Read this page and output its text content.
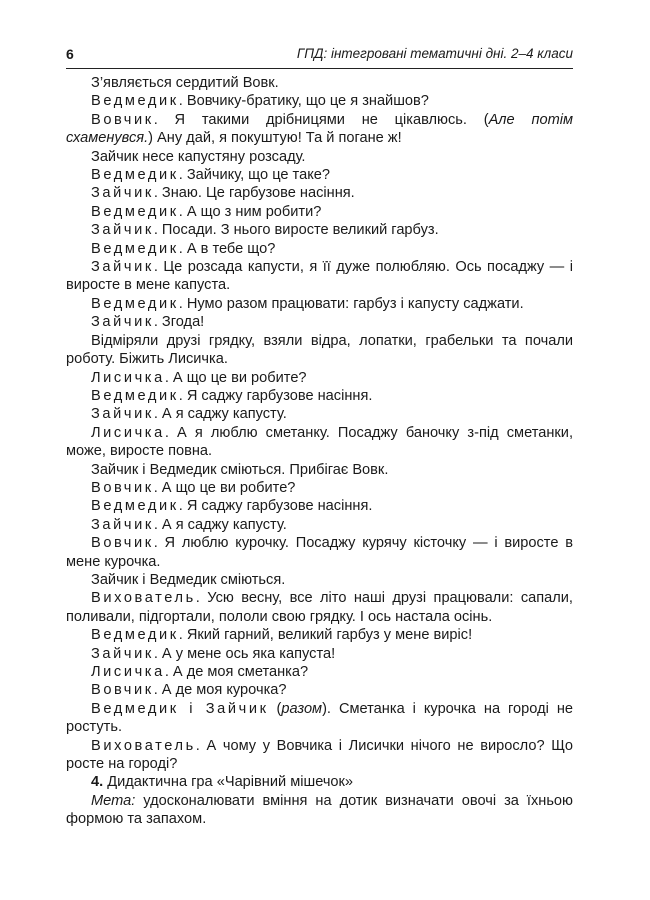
6	ГПД: інтегровані тематичні дні. 2–4 класи

З’являється сердитий Вовк.

Ведмедик. Вовчику-братику, що це я знайшов?

Вовчик. Я такими дрібницями не цікавлюсь. (Але потім схаменувся.) Ану дай, я покуштую! Та й погане ж!

Зайчик несе капустяну розсаду.

Ведмедик. Зайчику, що це таке?

Зайчик. Знаю. Це гарбузове насіння.

Ведмедик. А що з ним робити?

Зайчик. Посади. З нього виросте великий гарбуз.

Ведмедик. А в тебе що?

Зайчик. Це розсада капусти, я її дуже полюбляю. Ось посаджу — і виросте в мене капуста.

Ведмедик. Нумо разом працювати: гарбуз і капусту саджати.

Зайчик. Згода!

Відміряли друзі грядку, взяли відра, лопатки, грабельки та почали роботу. Біжить Лисичка.

Лисичка. А що це ви робите?

Ведмедик. Я саджу гарбузове насіння.

Зайчик. А я саджу капусту.

Лисичка. А я люблю сметанку. Посаджу баночку з-під сметанки, може, виросте повна.

Зайчик і Ведмедик сміються. Прибігає Вовк.

Вовчик. А що це ви робите?

Ведмедик. Я саджу гарбузове насіння.

Зайчик. А я саджу капусту.

Вовчик. Я люблю курочку. Посаджу курячу кісточку — і виросте в мене курочка.

Зайчик і Ведмедик сміються.

Вихователь. Усю весну, все літо наші друзі працювали: сапали, поливали, підгортали, пололи свою грядку. І ось настала осінь.

Ведмедик. Який гарний, великий гарбуз у мене виріс!

Зайчик. А у мене ось яка капуста!

Лисичка. А де моя сметанка?

Вовчик. А де моя курочка?

Ведмедик і Зайчик (разом). Сметанка і курочка на городі не ростуть.

Вихователь. А чому у Вовчика і Лисички нічого не виросло? Що росте на городі?

4. Дидактична гра «Чарівний мішечок»

Мета: удосконалювати вміння на дотик визначати овочі за їхньою формою та запахом.
